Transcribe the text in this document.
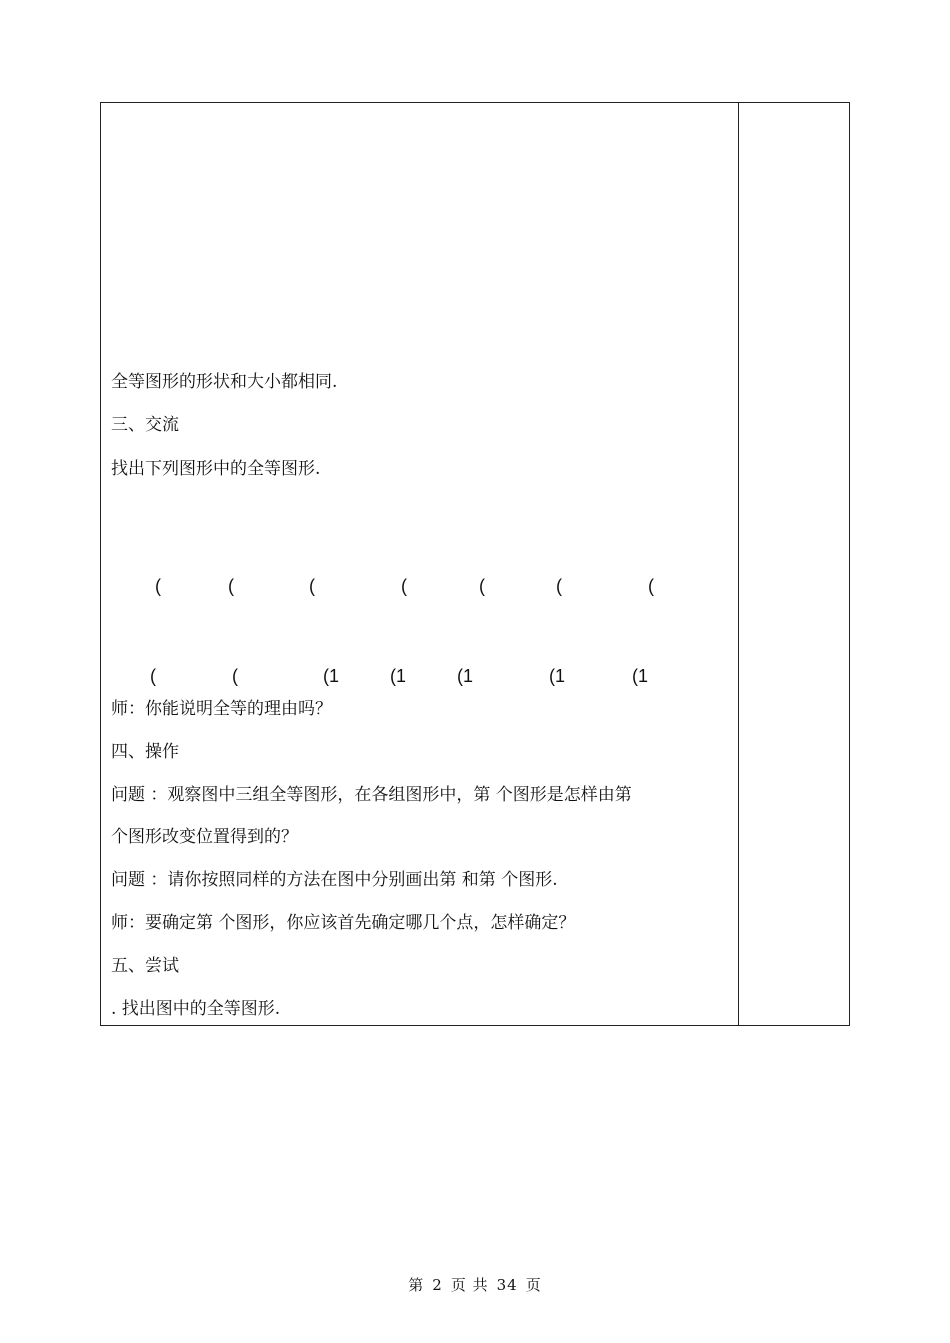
全等图形的形状和大小都相同.
三、交流
找出下列图形中的全等图形.
(	(	(	(	(	(	(
(	(	(1	(1	(1	(1	(1
师：你能说明全等的理由吗？
四、操作
问题 ：观察图中三组全等图形，在各组图形中，第 个图形是怎样由第
个图形改变位置得到的？
问题 ：请你按照同样的方法在图中分别画出第 和第 个图形.
师：要确定第 个图形，你应该首先确定哪几个点，怎样确定？
五、尝试
. 找出图中的全等图形.
第 2 页 共 34 页
